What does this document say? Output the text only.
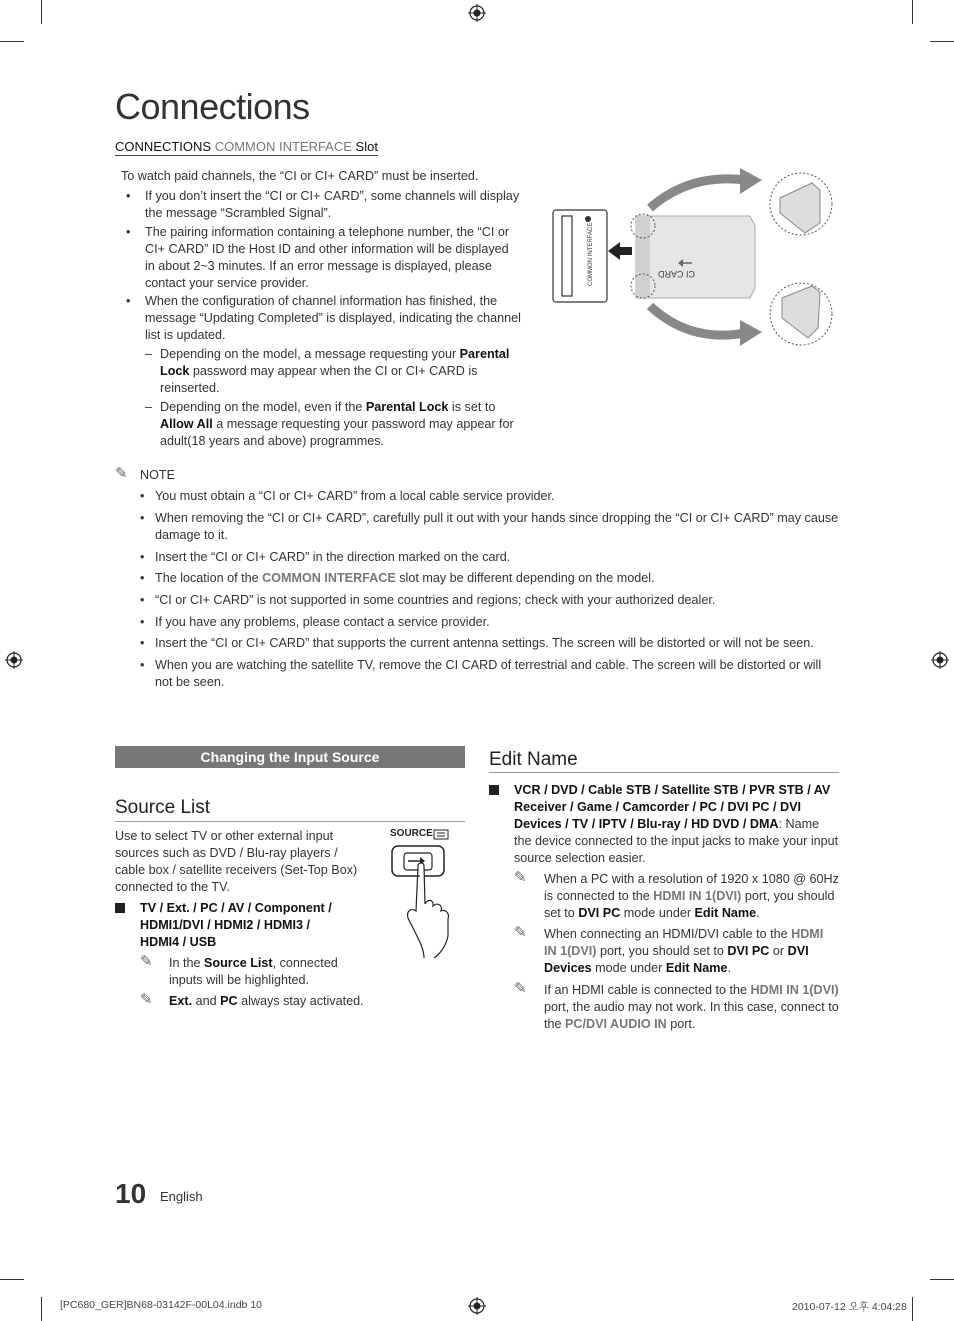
Connections
CONNECTIONS COMMON INTERFACE Slot
To watch paid channels, the “CI or CI+ CARD” must be inserted.
• If you don’t insert the “CI or CI+ CARD”, some channels will display the message “Scrambled Signal”.
• The pairing information containing a telephone number, the “CI or CI+ CARD” ID the Host ID and other information will be displayed in about 2~3 minutes. If an error message is displayed, please contact your service provider.
• When the configuration of channel information has finished, the message “Updating Completed” is displayed, indicating the channel list is updated.
– Depending on the model, a message requesting your Parental Lock password may appear when the CI or CI+ CARD is reinserted.
– Depending on the model, even if the Parental Lock is set to Allow All a message requesting your password may appear for adult(18 years and above) programmes.
COMMON INTERFACE	CI CARD
✎ NOTE
• You must obtain a “CI or CI+ CARD” from a local cable service provider.
• When removing the “CI or CI+ CARD”, carefully pull it out with your hands since dropping the “CI or CI+ CARD” may cause damage to it.
• Insert the “CI or CI+ CARD” in the direction marked on the card.
• The location of the COMMON INTERFACE slot may be different depending on the model.
• “CI or CI+ CARD” is not supported in some countries and regions; check with your authorized dealer.
• If you have any problems, please contact a service provider.
• Insert the “CI or CI+ CARD” that supports the current antenna settings. The screen will be distorted or will not be seen.
• When you are watching the satellite TV, remove the CI CARD of terrestrial and cable. The screen will be distorted or will not be seen.
Changing the Input Source
Source List
Use to select TV or other external input sources such as DVD / Blu-ray players / cable box / satellite receivers (Set-Top Box) connected to the TV.
SOURCE
TV / Ext. / PC / AV / Component / HDMI1/DVI / HDMI2 / HDMI3 / HDMI4 / USB
✎ In the Source List, connected inputs will be highlighted.
✎ Ext. and PC always stay activated.
Edit Name
VCR / DVD / Cable STB / Satellite STB / PVR STB / AV Receiver / Game / Camcorder / PC / DVI PC / DVI Devices / TV / IPTV / Blu-ray / HD DVD / DMA: Name the device connected to the input jacks to make your input source selection easier.
✎ When a PC with a resolution of 1920 x 1080 @ 60Hz is connected to the HDMI IN 1(DVI) port, you should set to DVI PC mode under Edit Name.
✎ When connecting an HDMI/DVI cable to the HDMI IN 1(DVI) port, you should set to DVI PC or DVI Devices mode under Edit Name.
✎ If an HDMI cable is connected to the HDMI IN 1(DVI) port, the audio may not work. In this case, connect to the PC/DVI AUDIO IN port.
10 English
[PC680_GER]BN68-03142F-00L04.indb 10	2010-07-12 오후 4:04:28
